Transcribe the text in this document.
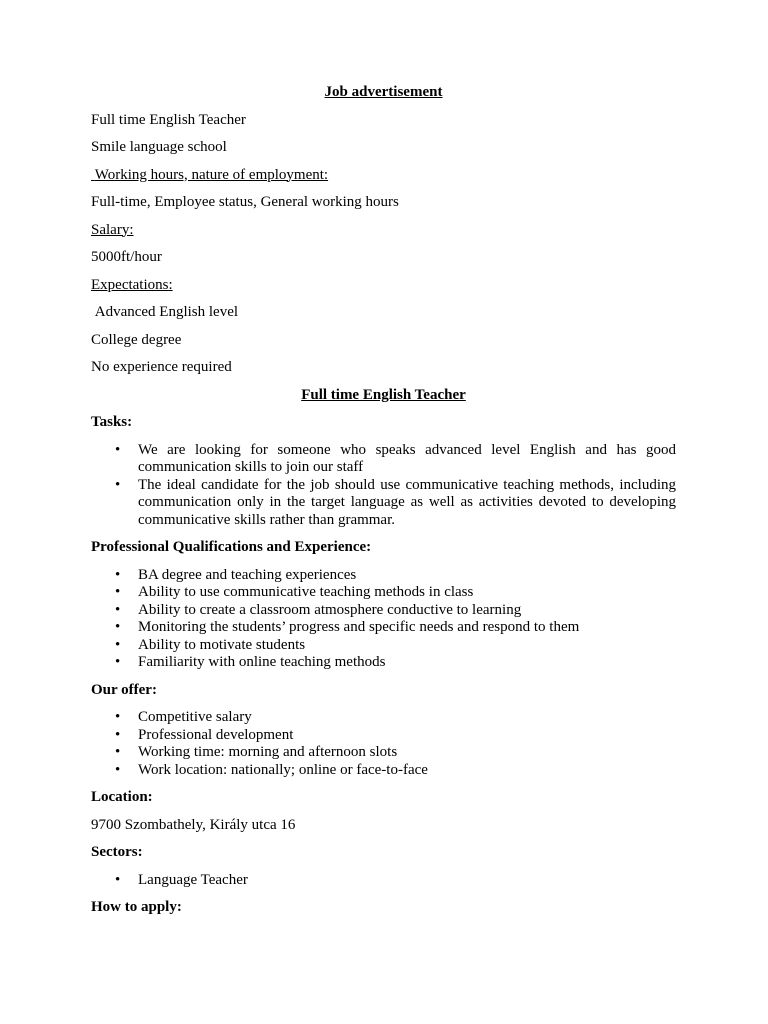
Job advertisement

Full time English Teacher

Smile language school

Working hours, nature of employment:

Full-time, Employee status, General working hours

Salary:

5000ft/hour

Expectations:

Advanced English level

College degree

No experience required

Full time English Teacher

Tasks:

• We are looking for someone who speaks advanced level English and has good communication skills to join our staff
• The ideal candidate for the job should use communicative teaching methods, including communication only in the target language as well as activities devoted to developing communicative skills rather than grammar.

Professional Qualifications and Experience:

• BA degree and teaching experiences
• Ability to use communicative teaching methods in class
• Ability to create a classroom atmosphere conductive to learning
• Monitoring the students’ progress and specific needs and respond to them
• Ability to motivate students
• Familiarity with online teaching methods

Our offer:

• Competitive salary
• Professional development
• Working time: morning and afternoon slots
• Work location: nationally; online or face-to-face

Location:

9700 Szombathely, Király utca 16

Sectors:

• Language Teacher

How to apply:
